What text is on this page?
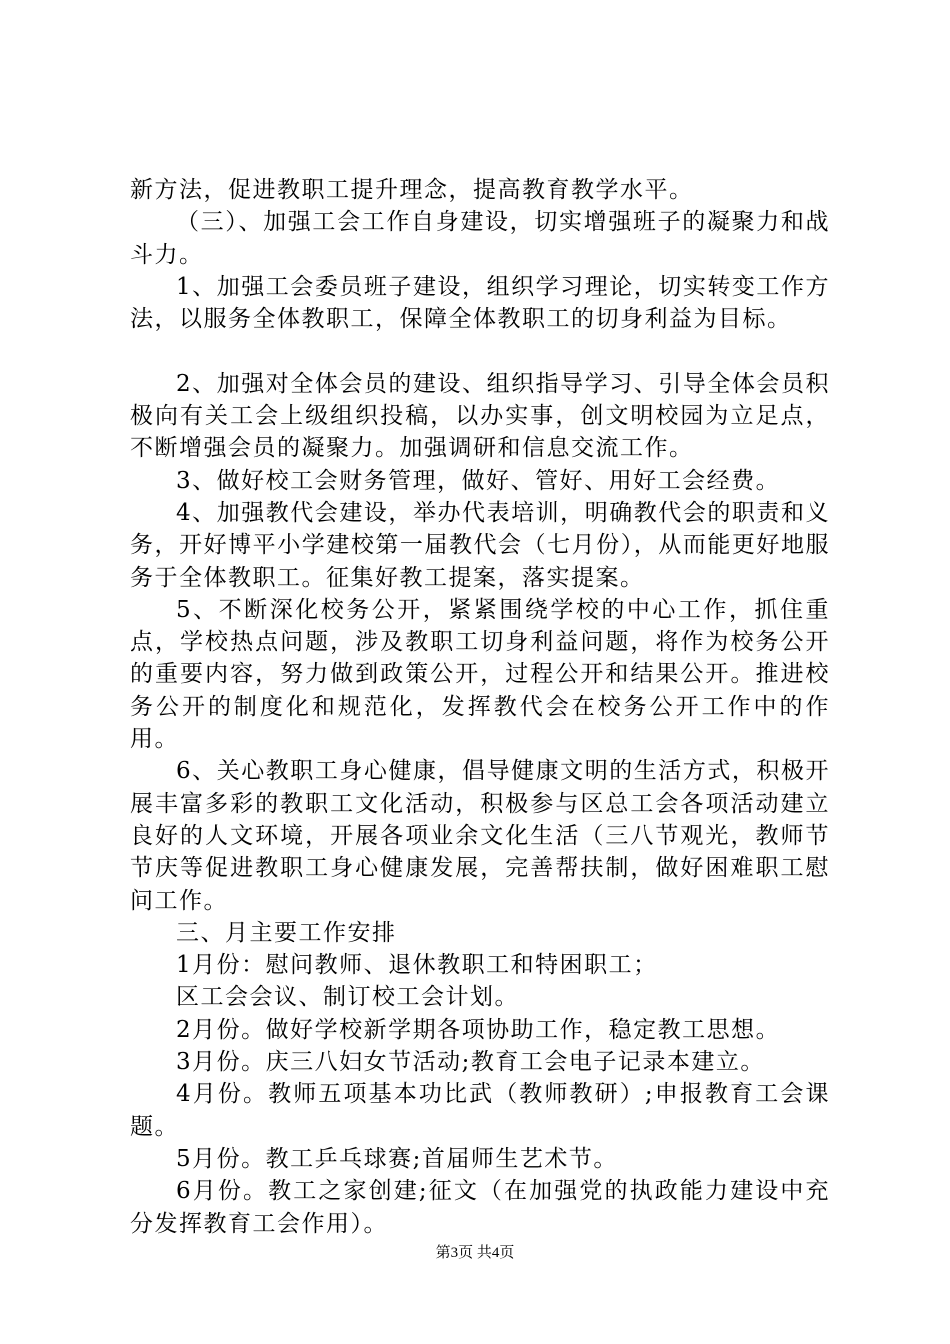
新方法，促进教职工提升理念，提高教育教学水平。

（三）、加强工会工作自身建设，切实增强班子的凝聚力和战斗力。

1、加强工会委员班子建设，组织学习理论，切实转变工作方法，以服务全体教职工，保障全体教职工的切身利益为目标。

2、加强对全体会员的建设、组织指导学习、引导全体会员积极向有关工会上级组织投稿，以办实事，创文明校园为立足点，不断增强会员的凝聚力。加强调研和信息交流工作。

3、做好校工会财务管理，做好、管好、用好工会经费。

4、加强教代会建设，举办代表培训，明确教代会的职责和义务，开好博平小学建校第一届教代会（七月份），从而能更好地服务于全体教职工。征集好教工提案，落实提案。

5、不断深化校务公开，紧紧围绕学校的中心工作，抓住重点，学校热点问题，涉及教职工切身利益问题，将作为校务公开的重要内容，努力做到政策公开，过程公开和结果公开。推进校务公开的制度化和规范化，发挥教代会在校务公开工作中的作用。

6、关心教职工身心健康，倡导健康文明的生活方式，积极开展丰富多彩的教职工文化活动，积极参与区总工会各项活动建立良好的人文环境，开展各项业余文化生活（三八节观光，教师节节庆等促进教职工身心健康发展，完善帮扶制，做好困难职工慰问工作。

三、月主要工作安排

1月份：慰问教师、退休教职工和特困职工；

区工会会议、制订校工会计划。

2月份。做好学校新学期各项协助工作，稳定教工思想。

3月份。庆三八妇女节活动;教育工会电子记录本建立。

4月份。教师五项基本功比武（教师教研）;申报教育工会课题。

5月份。教工乒乓球赛;首届师生艺术节。

6月份。教工之家创建;征文（在加强党的执政能力建设中充分发挥教育工会作用）。

第3页 共4页
